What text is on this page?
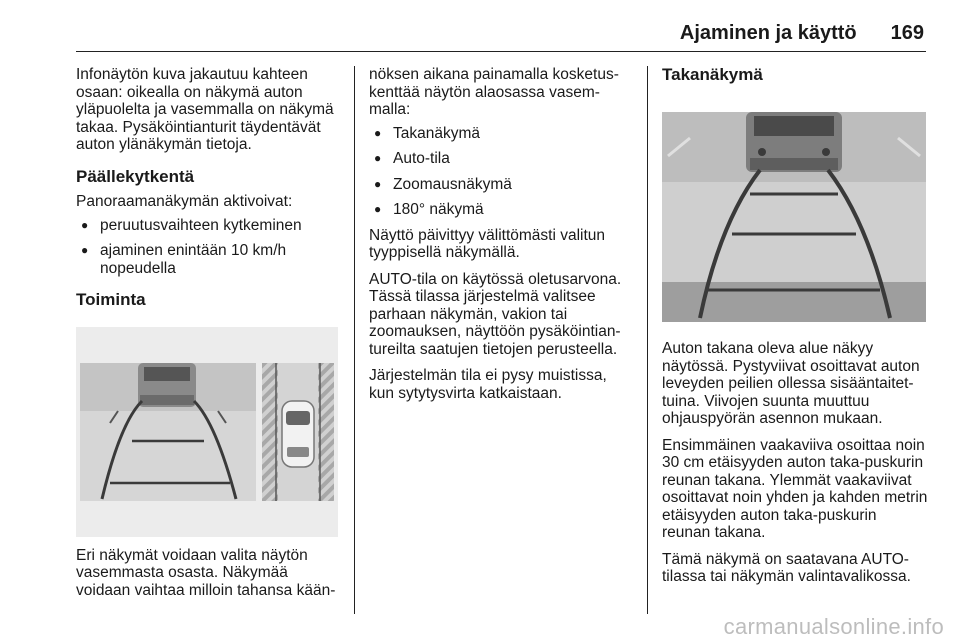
Ajaminen ja käyttö 169

Infonäytön kuva jakautuu kahteen osaan: oikealla on näkymä auton yläpuolelta ja vasemmalla on näkymä takaa. Pysäköintianturit täydentävät auton ylänäkymän tietoja.

Päällekytkentä

Panoraamanäkymän aktivoivat:

● peruutusvaihteen kytkeminen
● ajaminen enintään 10 km/h nopeudella
Toiminta

Eri näkymät voidaan valita näytön vasemmasta osasta. Näkymää voidaan vaihtaa milloin tahansa kään-

nöksen aikana painamalla kosketus-kenttää näytön alaosassa vasem-malla:

● Takanäkymä
● Auto-tila
● Zoomausnäkymä
● 180° näkymä

Näyttö päivittyy välittömästi valitun tyyppisellä näkymällä.

AUTO-tila on käytössä oletusarvona. Tässä tilassa järjestelmä valitsee parhaan näkymän, vakion tai zoomauksen, näyttöön pysäköintian-tureilta saatujen tietojen perusteella.

Järjestelmän tila ei pysy muistissa, kun sytytysvirta katkaistaan.

Takanäkymä

Auton takana oleva alue näkyy näytössä. Pystyviivat osoittavat auton leveyden peilien ollessa sisääntaitet-tuina. Viivojen suunta muuttuu ohjauspyörän asennon mukaan.

Ensimmäinen vaakaviiva osoittaa noin 30 cm etäisyyden auton taka-puskurin reunan takana. Ylemmät vaakaviivat osoittavat noin yhden ja kahden metrin etäisyyden auton taka-puskurin reunan takana.

Tämä näkymä on saatavana AUTO-tilassa tai näkymän valintavalikossa.

carmanualsonline.info
